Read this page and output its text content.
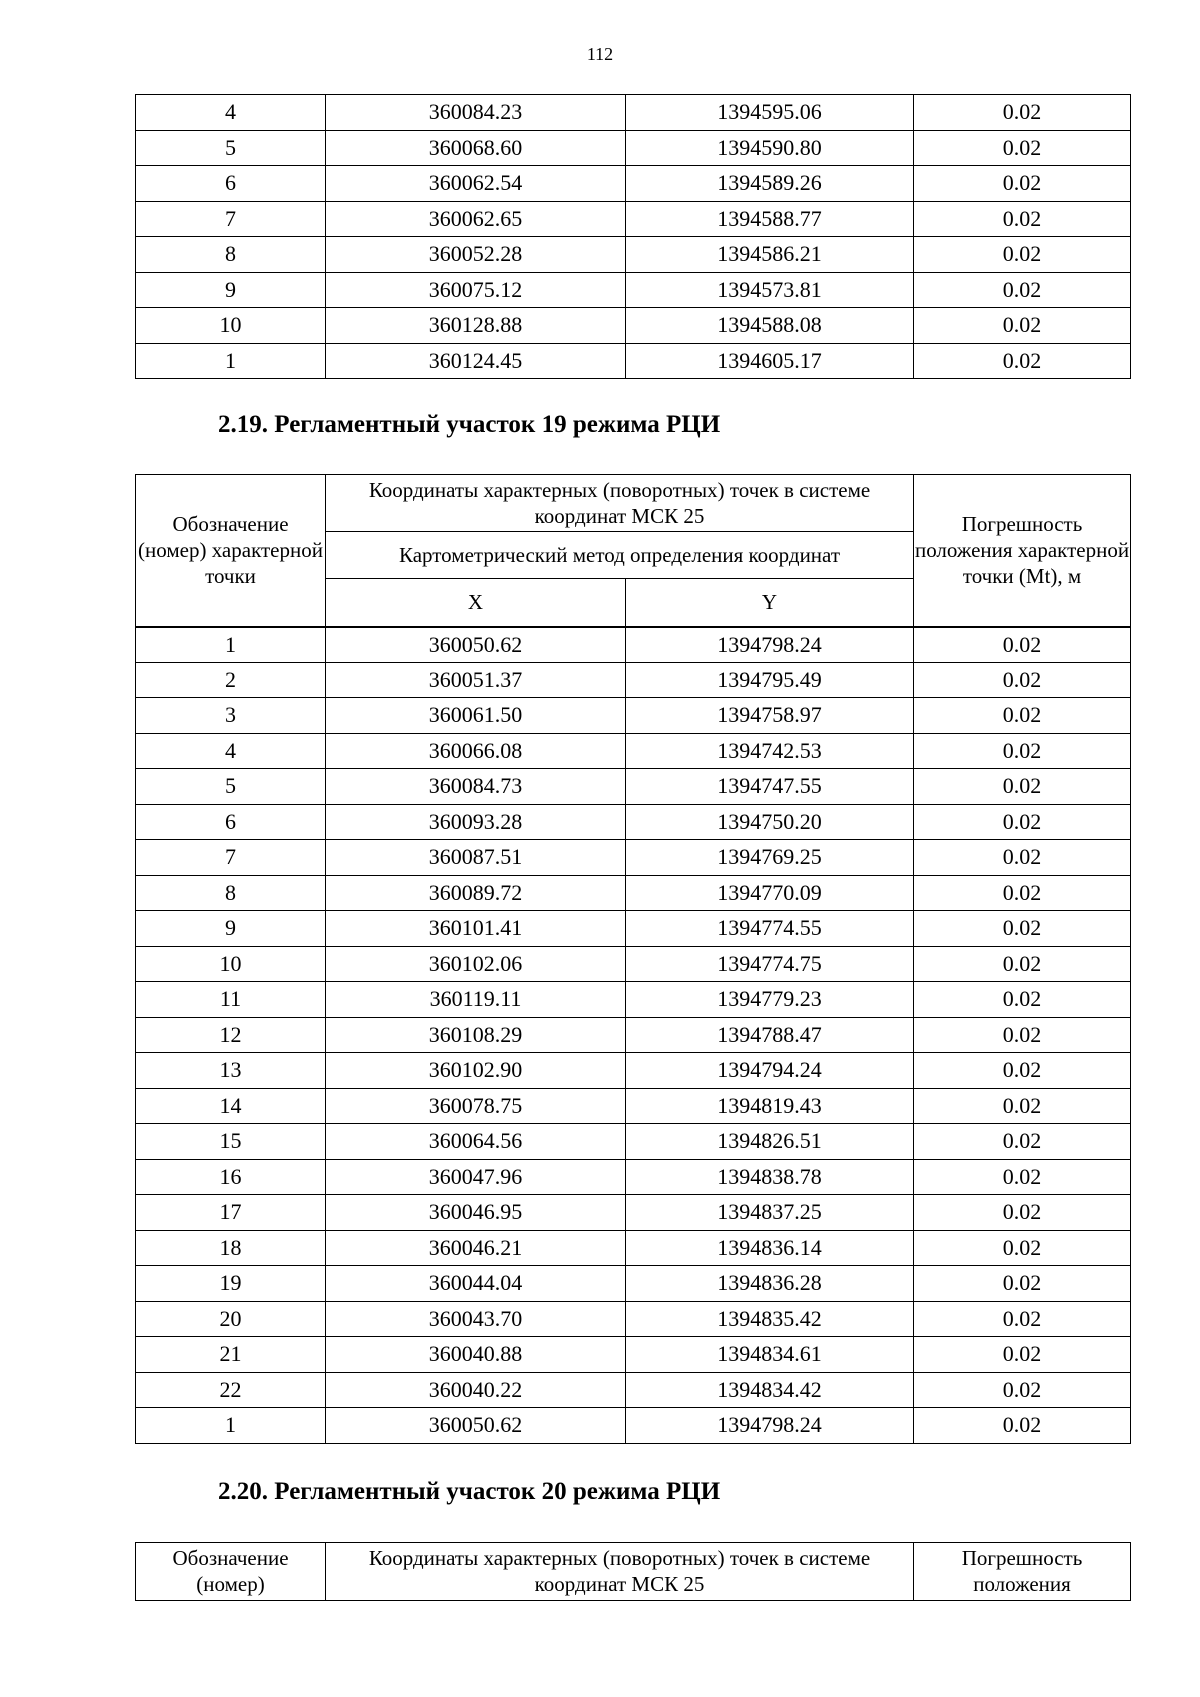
112
4	360084.23	1394595.06	0.02
5	360068.60	1394590.80	0.02
6	360062.54	1394589.26	0.02
7	360062.65	1394588.77	0.02
8	360052.28	1394586.21	0.02
9	360075.12	1394573.81	0.02
10	360128.88	1394588.08	0.02
1	360124.45	1394605.17	0.02
2.19. Регламентный участок 19 режима РЦИ
Обозначение (номер) характерной точки	Координаты характерных (поворотных) точек в системе координат МСК 25		Погрешность положения характерной точки (Mt), м
	Картометрический метод определения координат		
	X	Y	
1	360050.62	1394798.24	0.02
2	360051.37	1394795.49	0.02
3	360061.50	1394758.97	0.02
4	360066.08	1394742.53	0.02
5	360084.73	1394747.55	0.02
6	360093.28	1394750.20	0.02
7	360087.51	1394769.25	0.02
8	360089.72	1394770.09	0.02
9	360101.41	1394774.55	0.02
10	360102.06	1394774.75	0.02
11	360119.11	1394779.23	0.02
12	360108.29	1394788.47	0.02
13	360102.90	1394794.24	0.02
14	360078.75	1394819.43	0.02
15	360064.56	1394826.51	0.02
16	360047.96	1394838.78	0.02
17	360046.95	1394837.25	0.02
18	360046.21	1394836.14	0.02
19	360044.04	1394836.28	0.02
20	360043.70	1394835.42	0.02
21	360040.88	1394834.61	0.02
22	360040.22	1394834.42	0.02
1	360050.62	1394798.24	0.02
2.20. Регламентный участок 20 режима РЦИ
Обозначение (номер)	Координаты характерных (поворотных) точек в системе координат МСК 25	Погрешность положения
